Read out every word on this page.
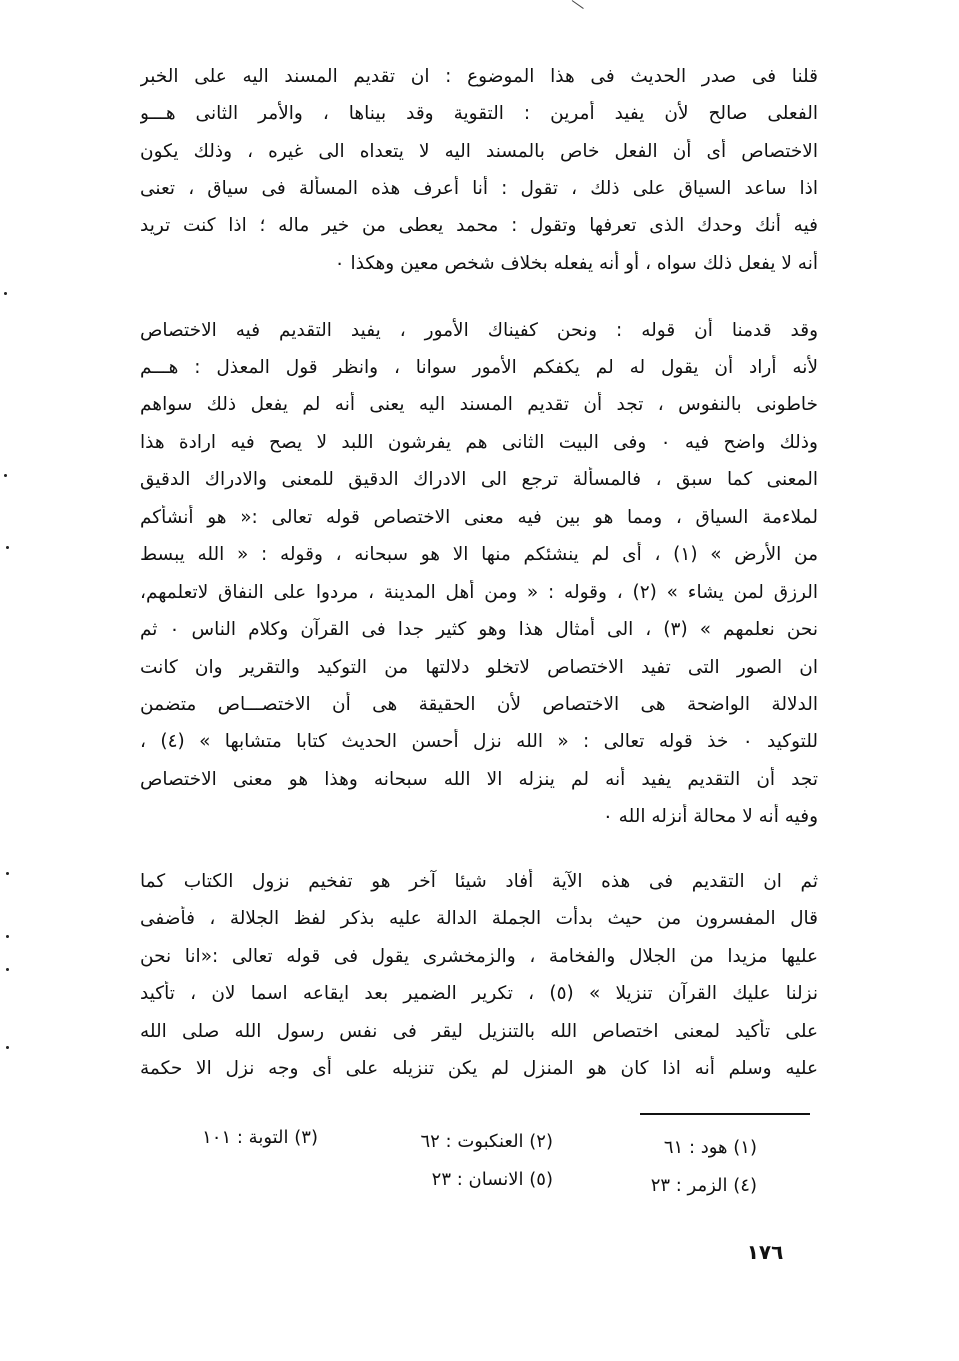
قلنا فى صدر الحديث فى هذا الموضوع : ان تقديم المسند اليه على الخبر
الفعلى صالح لأن يفيد أمرين : التقوية وقد بيناها ، والأمر الثانى هـــو
الاختصاص أى أن الفعل خاص بالمسند اليه لا يتعداه الى غيره ، وذلك يكون
اذا ساعد السياق على ذلك ، تقول : أنا أعرف هذه المسألة فى سياق ، تعنى
فيه أنك وحدك الذى تعرفها وتقول : محمد يعطى من خير ماله ؛ اذا كنت تريد
أنه لا يفعل ذلك سواه ، أو أنه يفعله بخلاف شخص معين وهكذا ٠
وقد قدمنا أن قوله : ونحن كفيناك الأمور ، يفيد التقديم فيه الاختصاص
لأنه أراد أن يقول له لم يكفكم الأمور سوانا ، وانظر قول المعذل : هـــم
خاطونى بالنفوس ، تجد أن تقديم المسند اليه يعنى أنه لم يفعل ذلك سواهم
وذلك واضح فيه ٠ وفى البيت الثانى هم يفرشون اللبد لا يصح فيه ارادة هذا
المعنى كما سبق ، فالمسألة ترجع الى الادراك الدقيق للمعنى والادراك الدقيق
لملاءمة السياق ، ومما هو بين فيه معنى الاختصاص قوله تعالى :« هو أنشأكم
من الأرض » (١) ، أى لم ينشئكم منها الا هو سبحانه ، وقوله : « الله يبسط
الرزق لمن يشاء » (٢) ، وقوله : « ومن أهل المدينة ، مردوا على النفاق لاتعلمهم،
نحن نعلمهم » (٣) ، الى أمثال هذا وهو كثير جدا فى القرآن وكلام الناس ٠ ثم
ان الصور التى تفيد الاختصاص لاتخلو دلالتها من التوكيد والتقرير وان كانت
الدلالة الواضحة هى الاختصاص لأن الحقيقة هى أن الاختصـــاص متضمن
للتوكيد ٠ خذ قوله تعالى : « الله نزل أحسن الحديث كتابا متشابها » (٤) ،
تجد أن التقديم يفيد أنه لم ينزله الا الله سبحانه وهذا هو معنى الاختصاص
وفيه أنه لا محالة أنزله الله ٠
ثم ان التقديم فى هذه الآية أفاد شيئا آخر هو تفخيم نزول الكتاب كما
قال المفسرون من حيث بدأت الجملة الدالة عليه بذكر لفظ الجلالة ، فأضفى
عليها مزيدا من الجلال والفخامة ، والزمخشرى يقول فى قوله تعالى :«انا نحن
نزلنا عليك القرآن تنزيلا » (٥) ، تكرير الضمير بعد ايقاعه اسما لان ، تأكيد
على تأكيد لمعنى اختصاص الله بالتنزيل ليقر فى نفس رسول الله صلى الله
عليه وسلم أنه اذا كان هو المنزل لم يكن تنزيله على أى وجه نزل الا حكمة
(١) هود : ٦١
(٢) العنكبوت : ٦٢
(٣) التوبة : ١٠١
(٤) الزمر : ٢٣
(٥) الانسان : ٢٣
١٧٦
